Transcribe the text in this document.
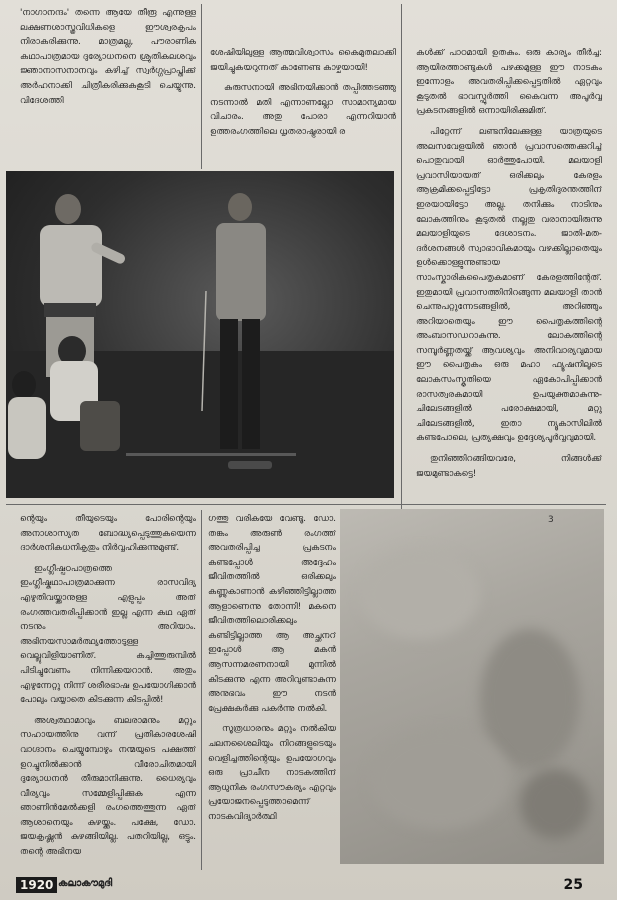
'നാഗാനന്ദം' തന്നെ ആയേ തീരൂ എന്നുള്ള ലക്ഷണശാസ്ത്രവിധികളെ ഈശ്വരകൃപം നിരാകരിക്കുന്നു. മാത്രമല്ല, പൗരാണിക കഥാപാത്രമായ ദുര്യോധനനെ ശ്രുതികലശവും ജ്ഞാനാസനാനവും കഴിച്ച് സ്വർഗ്ഗപ്രാപ്തിക്ക് അർഹനാക്കി ചിത്രീകരിക്കുകകൂടി ചെയ്യുന്നു. വിദേശത്തി

ശേഷിയിലുള്ള ആത്മവിശ്വാസം കൈമുതലാക്കി ജയിച്ചുകയറുന്നത് കാണേണ്ട കാഴ്ചയായി!

കുരുസനായി അഭിനയിക്കാൻ തപ്പിത്തടഞ്ഞു നടന്നാൽ മതി എന്നാണല്ലോ സാമാന്യമായ വിചാരം. അതു പോരാ എന്നറിയാൻ ഉത്തരംഗത്തിലെ ധൃതരാഷ്ട്രരായി ര

കൾക്ക് പാഠമായി ഉതകും. ഒരു കാര്യം തീർച്ച: ആയിരത്താണ്ടുകൾ പഴക്കമുള്ള ഈ നാടകം ഇന്നോളം അവതരിപ്പിക്കപ്പെട്ടതിൽ ഏറ്റവും കൂടുതൽ ഭാവസ്ഫൂർത്തി കൈവന്ന അപൂർവ്വ പ്രകടനങ്ങളിൽ ഒന്നായിരിക്കുമിത്.

പിറ്റേന്ന് ലണ്ടനിലേക്കുള്ള യാത്രയുടെ അലസവേളയിൽ ഞാൻ പ്രവാസത്തെക്കുറിച്ച് പൊതുവായി ഓർത്തുപോയി. മലയാളി പ്രവാസിയായത് ഒരിക്കലും കേരളം ആക്രമിക്കപ്പെട്ടിട്ടോ പ്രകൃതിദുരന്തത്തിന് ഇരയായിട്ടോ അല്ല. തനിക്കും നാടിനും ലോകത്തിനും കൂടുതൽ നല്ലതു വരാനായിരുന്നു മലയാളിയുടെ ദേശാടനം. ജാതി-മത-ദർശനങ്ങൾ സ്വാഭാവികമായും വഴക്കില്ലാതെയും ഉൾക്കൊള്ളുന്നുണ്ടായ സാംസ്കാരികപൈതൃകമാണ് കേരളത്തിന്റേത്. ഇതുമായി പ്രവാസത്തിനിറങ്ങുന്ന മലയാളി താൻ ചെന്നുപറ്റുന്നേടങ്ങളിൽ, അറിഞ്ഞും അറിയാതെയും ഈ പൈതൃകത്തിന്റെ അംബാസഡറാകുന്നു. ലോകത്തിന്റെ സമ്പൂർണ്ണതയ്ക്ക് ആവശ്യവും അനിവാര്യവുമായ ഈ പൈതൃകം ഒരു മഹാ ഫ്യൂഷനിലൂടെ ലോകസംസ്കൃതിയെ ഏകോപിപ്പിക്കാൻ രാസത്വരകമായി ഉപയുക്തമാകുന്നു- ചിലേടങ്ങളിൽ പരോക്ഷമായി, മറ്റു ചിലേടങ്ങളിൽ, ഇതാ ന്യൂകാസിലിൽ കണ്ടപോലെ, പ്രത്യക്ഷവും ഉദ്ദേശ്യപൂർവ്വവുമായി.

തുനിഞ്ഞിറങ്ങിയവരേ, നിങ്ങൾക്ക് ജയമുണ്ടാകട്ടെ!

ന്റെയും തീയുടെയും പോരിന്റെയും അനാശാസ്യത ബോദ്ധ്യപ്പെടുത്തുകയെന്ന ദാർശനികധനികൃതും നിർവ്വഹിക്കുന്നുമുണ്ട്.

ഇംഗ്ലീഷ്പഠപാത്രത്തെ ഇംഗ്ലീഷ്കഥാപാത്രമാക്കുന്ന രാസവിദ്യ എഴുതിവയ്ക്കാനുള്ള എളുപ്പം അത് രംഗത്തവതരിപ്പിക്കാൻ ഇല്ല എന്ന കഥ ഏത് നടനും അറിയാം. അഭിനയസാമർത്ഥ്യത്തോടുള്ള വെല്ലുവിളിയാണിത്. കച്ചിത്തുരുമ്പിൽ പിടിച്ചുവേണം നിന്നിക്കയറാൻ. അതും എഴുന്നേറ്റു നിന്ന് ശരീരഭാഷ ഉപയോഗിക്കാൻ പോലും വയ്യാതെ കിടക്കുന്ന കിടപ്പിൽ!

അശ്വത്ഥാമാവും ബലരാമനും മറ്റും സഹായത്തിനു വന്ന് പ്രതികാരശേഷി വാഗ്ദാനം ചെയ്യുമ്പോഴും നന്മയുടെ പക്ഷത്ത് ഉറച്ചുനിൽക്കാൻ വീരോചിതമായി ദുര്യോധനൻ തീരുമാനിക്കുന്നു. ധൈര്യവും വീര്യവും സമ്മേളിപ്പിക്കുക എന്ന ഞാണിൻമേൽക്കളി രംഗത്തെത്തുന്ന ഏത് ആശാനെയും കുഴയ്ക്കും. പക്ഷേ, ഡോ. ജയകൃഷ്ണൻ കുഴങ്ങിയില്ല. പതറിയില്ല, ഒട്ടും. തന്റെ അഭിനയ

ഗത്തു വരികയേ വേണ്ടൂ. ഡോ. തങ്കം അരുൺ രംഗത്ത് അവതരിപ്പിച്ച പ്രകടനം കണ്ടപ്പോൾ അദ്ദേഹം ജീവിതത്തിൽ ഒരിക്കലും കണ്ണുകാണാൻ കഴിഞ്ഞിട്ടില്ലാത്ത ആളാണെന്നു തോന്നി! മകനെ ജീവിതത്തിലൊരിക്കലും കണ്ടിട്ടില്ലാത്ത ആ അച്ഛനറ് ഇപ്പോൾ ആ മകൻ ആസന്നമരണനായി മുന്നിൽ കിടക്കുന്നു എന്ന അറിവുണ്ടാകുന്ന അനുഭവം ഈ നടൻ പ്രേക്ഷകർക്കു പകർന്നു നൽകി.

സൂത്രധാരനും മറ്റും നൽകിയ ചലനശൈലിയും നിറങ്ങളുടെയും വെളിച്ചത്തിന്റെയും ഉപയോഗവും ഒരു പ്രാചീന നാടകത്തിന് ആധുനിക രംഗസൗകര്യം എറ്റവും പ്രയോജനപ്പെടുത്താമെന്ന് നാടകവിദ്യാർത്ഥി

3
1920 കലാകൗമുദി	25
